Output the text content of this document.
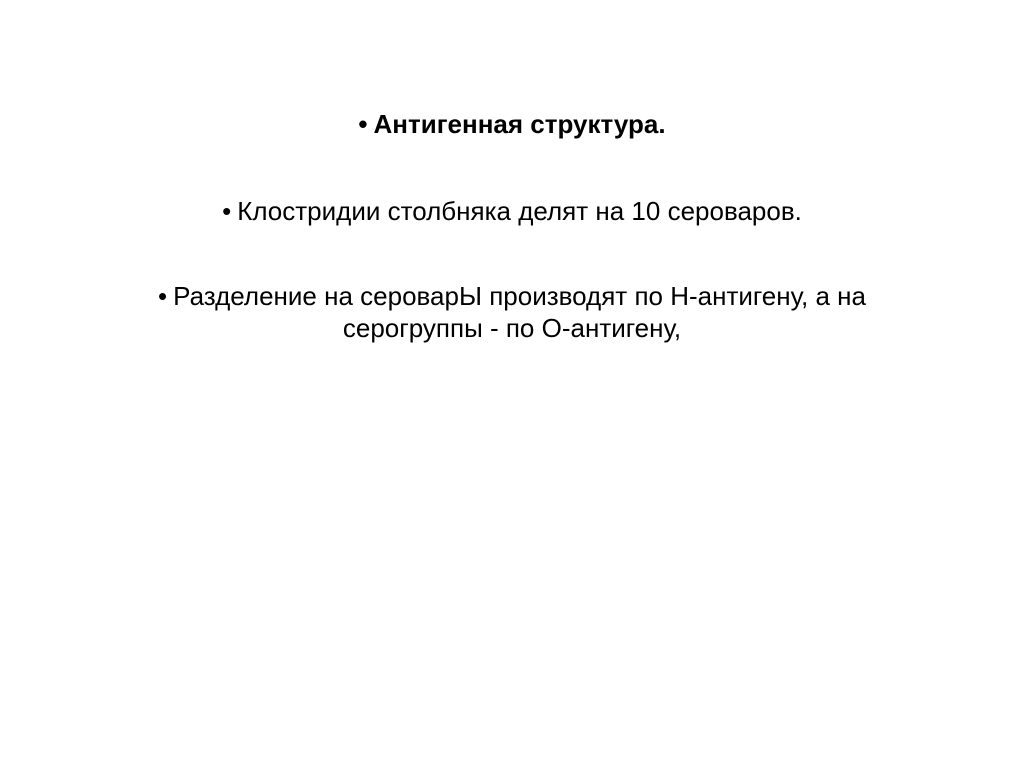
• Антигенная структура.
• Клостридии столбняка делят на 10 сероваров.
• Разделение на сероварЫ производят по Н-антигену, а на серогруппы - по О-антигену,
